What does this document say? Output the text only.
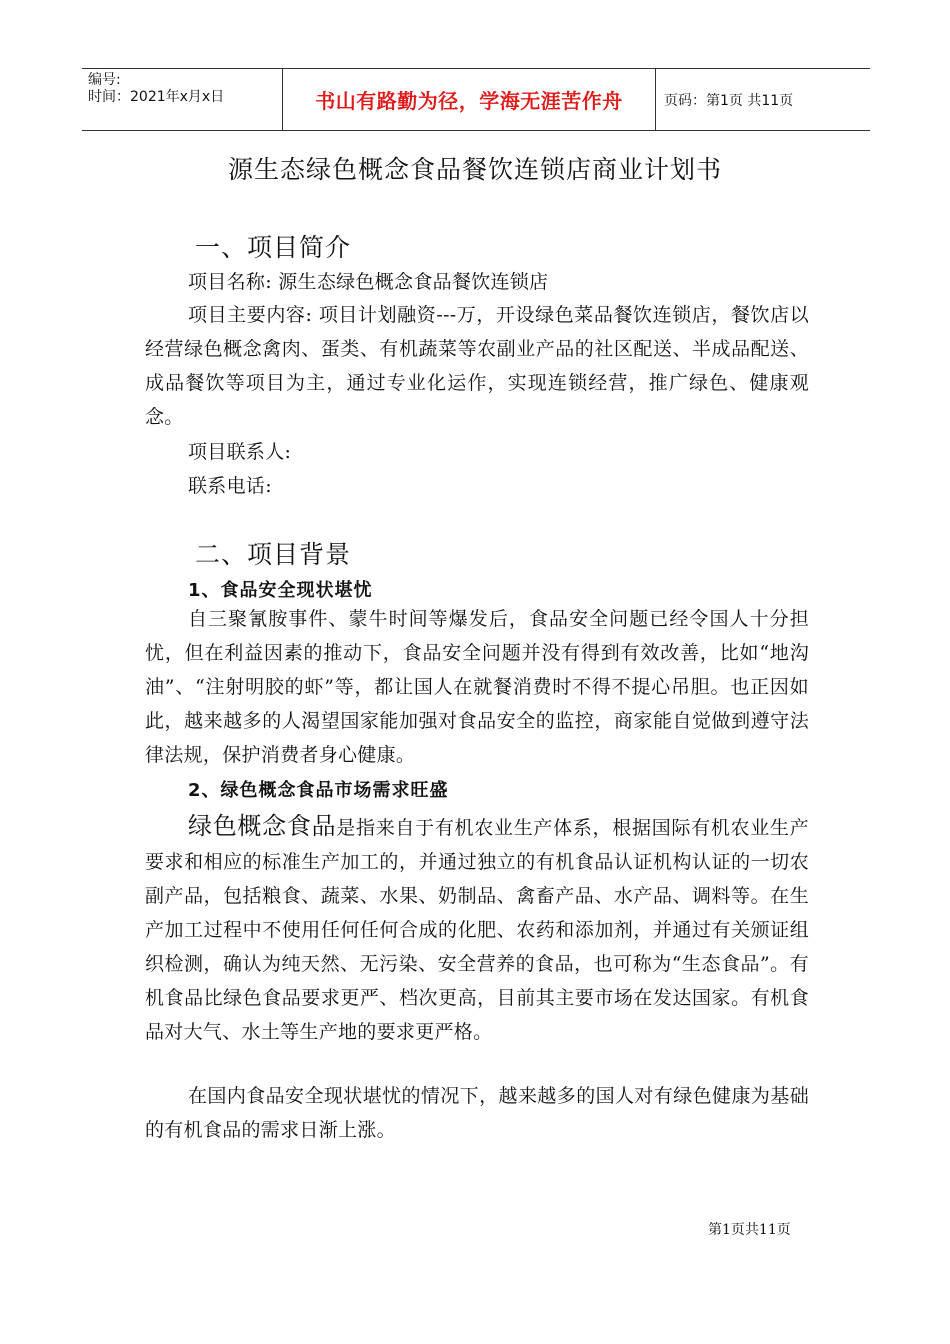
编号:
时间：2021年x月x日	书山有路勤为径，学海无涯苦作舟	页码：第1页 共11页
源生态绿色概念食品餐饮连锁店商业计划书
一、项目简介
项目名称: 源生态绿色概念食品餐饮连锁店
项目主要内容: 项目计划融资---万，开设绿色菜品餐饮连锁店，餐饮店以经营绿色概念禽肉、蛋类、有机蔬菜等农副业产品的社区配送、半成品配送、成品餐饮等项目为主，通过专业化运作，实现连锁经营，推广绿色、健康观念。
项目联系人:
联系电话:
二、项目背景
1、食品安全现状堪忧
自三聚氰胺事件、蒙牛时间等爆发后，食品安全问题已经令国人十分担忧，但在利益因素的推动下，食品安全问题并没有得到有效改善，比如“地沟油”、“注射明胶的虾”等，都让国人在就餐消费时不得不提心吊胆。也正因如此，越来越多的人渴望国家能加强对食品安全的监控，商家能自觉做到遵守法律法规，保护消费者身心健康。
2、绿色概念食品市场需求旺盛
绿色概念食品是指来自于有机农业生产体系，根据国际有机农业生产要求和相应的标准生产加工的，并通过独立的有机食品认证机构认证的一切农副产品，包括粮食、蔬菜、水果、奶制品、禽畜产品、水产品、调料等。在生产加工过程中不使用任何任何合成的化肥、农药和添加剂，并通过有关颁证组织检测，确认为纯天然、无污染、安全营养的食品，也可称为“生态食品”。有机食品比绿色食品要求更严、档次更高，目前其主要市场在发达国家。有机食品对大气、水土等生产地的要求更严格。
在国内食品安全现状堪忧的情况下，越来越多的国人对有绿色健康为基础的有机食品的需求日渐上涨。
第1页共11页
